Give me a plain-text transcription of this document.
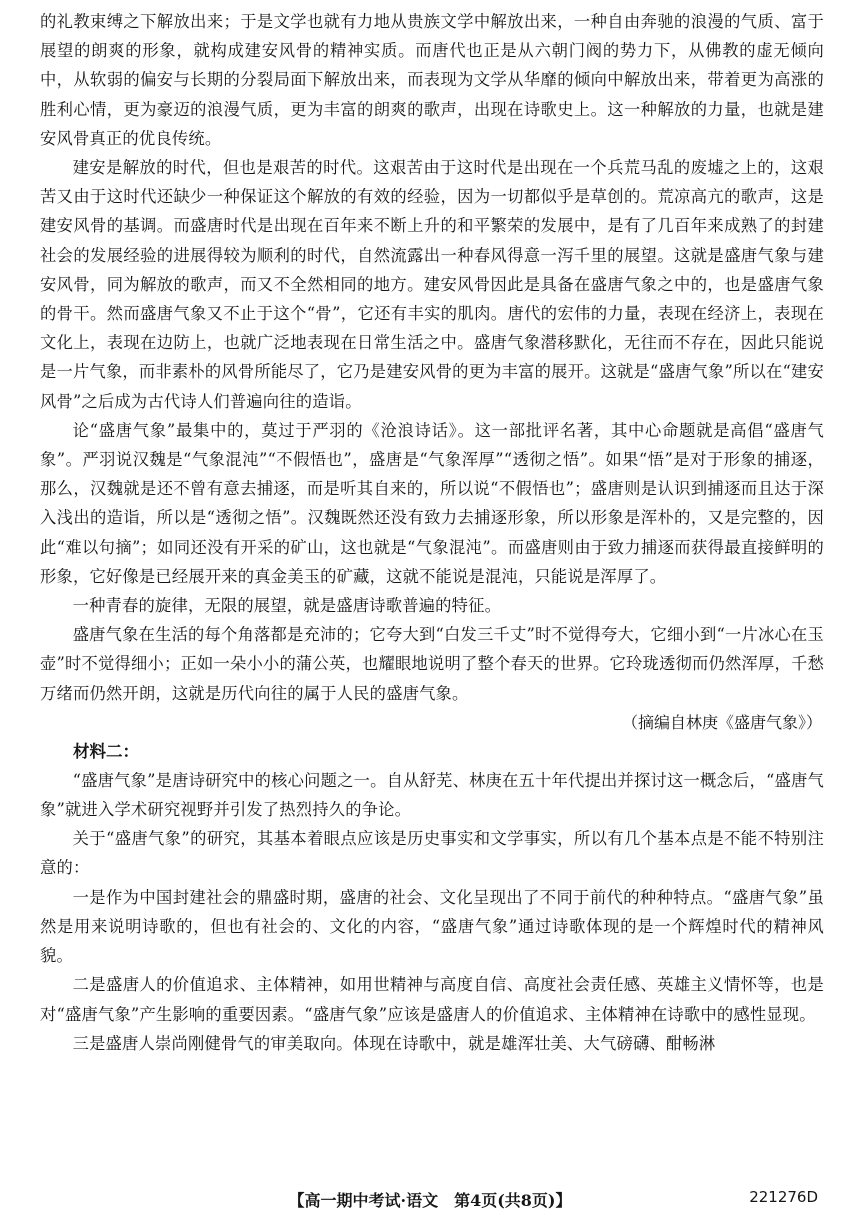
的礼教束缚之下解放出来；于是文学也就有力地从贵族文学中解放出来，一种自由奔驰的浪漫的气质、富于展望的朗爽的形象，就构成建安风骨的精神实质。而唐代也正是从六朝门阀的势力下，从佛教的虚无倾向中，从软弱的偏安与长期的分裂局面下解放出来，而表现为文学从华靡的倾向中解放出来，带着更为高涨的胜利心情，更为豪迈的浪漫气质，更为丰富的朗爽的歌声，出现在诗歌史上。这一种解放的力量，也就是建安风骨真正的优良传统。

建安是解放的时代，但也是艰苦的时代。这艰苦由于这时代是出现在一个兵荒马乱的废墟之上的，这艰苦又由于这时代还缺少一种保证这个解放的有效的经验，因为一切都似乎是草创的。荒凉高亢的歌声，这是建安风骨的基调。而盛唐时代是出现在百年来不断上升的和平繁荣的发展中，是有了几百年来成熟了的封建社会的发展经验的进展得较为顺利的时代，自然流露出一种春风得意一泻千里的展望。这就是盛唐气象与建安风骨，同为解放的歌声，而又不全然相同的地方。建安风骨因此是具备在盛唐气象之中的，也是盛唐气象的骨干。然而盛唐气象又不止于这个“骨”，它还有丰实的肌肉。唐代的宏伟的力量，表现在经济上，表现在文化上，表现在边防上，也就广泛地表现在日常生活之中。盛唐气象潜移默化，无往而不存在，因此只能说是一片气象，而非素朴的风骨所能尽了，它乃是建安风骨的更为丰富的展开。这就是“盛唐气象”所以在“建安风骨”之后成为古代诗人们普遍向往的造诣。

论“盛唐气象”最集中的，莫过于严羽的《沧浪诗话》。这一部批评名著，其中心命题就是高倡“盛唐气象”。严羽说汉魏是“气象混沌”“不假悟也”，盛唐是“气象浑厚”“透彻之悟”。如果“悟”是对于形象的捕逐，那么，汉魏就是还不曾有意去捕逐，而是听其自来的，所以说“不假悟也”；盛唐则是认识到捕逐而且达于深入浅出的造诣，所以是“透彻之悟”。汉魏既然还没有致力去捕逐形象，所以形象是浑朴的，又是完整的，因此“难以句摘”；如同还没有开采的矿山，这也就是“气象混沌”。而盛唐则由于致力捕逐而获得最直接鲜明的形象，它好像是已经展开来的真金美玉的矿藏，这就不能说是混沌，只能说是浑厚了。

一种青春的旋律，无限的展望，就是盛唐诗歌普遍的特征。

盛唐气象在生活的每个角落都是充沛的；它夸大到“白发三千丈”时不觉得夸大，它细小到“一片冰心在玉壶”时不觉得细小；正如一朵小小的蒲公英，也耀眼地说明了整个春天的世界。它玲珑透彻而仍然浑厚，千愁万绪而仍然开朗，这就是历代向往的属于人民的盛唐气象。

（摘编自林庚《盛唐气象》）

材料二：

“盛唐气象”是唐诗研究中的核心问题之一。自从舒芜、林庚在五十年代提出并探讨这一概念后，“盛唐气象”就进入学术研究视野并引发了热烈持久的争论。

关于“盛唐气象”的研究，其基本着眼点应该是历史事实和文学事实，所以有几个基本点是不能不特别注意的：

一是作为中国封建社会的鼎盛时期，盛唐的社会、文化呈现出了不同于前代的种种特点。“盛唐气象”虽然是用来说明诗歌的，但也有社会的、文化的内容，“盛唐气象”通过诗歌体现的是一个辉煌时代的精神风貌。

二是盛唐人的价值追求、主体精神，如用世精神与高度自信、高度社会责任感、英雄主义情怀等，也是对“盛唐气象”产生影响的重要因素。“盛唐气象”应该是盛唐人的价值追求、主体精神在诗歌中的感性显现。

三是盛唐人崇尚刚健骨气的审美取向。体现在诗歌中，就是雄浑壮美、大气磅礴、酣畅淋

【高一期中考试·语文　第4页(共8页)】	221276D
